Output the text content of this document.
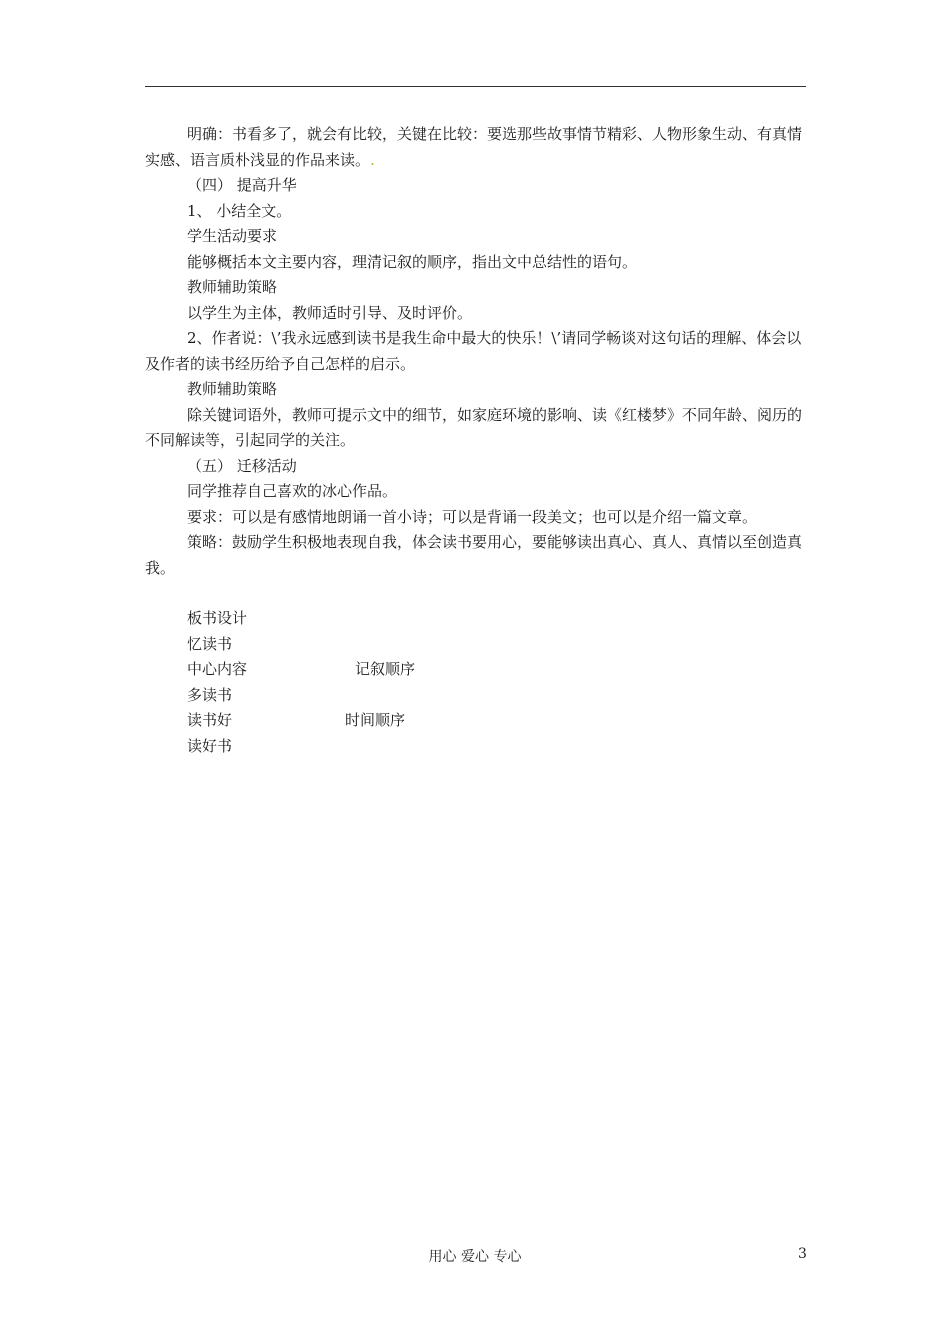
明确：书看多了，就会有比较，关键在比较：要选那些故事情节精彩、人物形象生动、有真情实感、语言质朴浅显的作品来读。.

（四） 提高升华

1、 小结全文。

学生活动要求

能够概括本文主要内容，理清记叙的顺序，指出文中总结性的语句。

教师辅助策略

以学生为主体，教师适时引导、及时评价。

2、作者说：\’我永远感到读书是我生命中最大的快乐！\’请同学畅谈对这句话的理解、体会以及作者的读书经历给予自己怎样的启示。

教师辅助策略

除关键词语外，教师可提示文中的细节，如家庭环境的影响、读《红楼梦》不同年龄、阅历的不同解读等，引起同学的关注。

（五） 迁移活动

同学推荐自己喜欢的冰心作品。

要求：可以是有感情地朗诵一首小诗；可以是背诵一段美文；也可以是介绍一篇文章。

策略：鼓励学生积极地表现自我，体会读书要用心，要能够读出真心、真人、真情以至创造真我。

板书设计
忆读书
中心内容	记叙顺序
多读书
读书好	时间顺序
读好书
用心 爱心 专心	3
